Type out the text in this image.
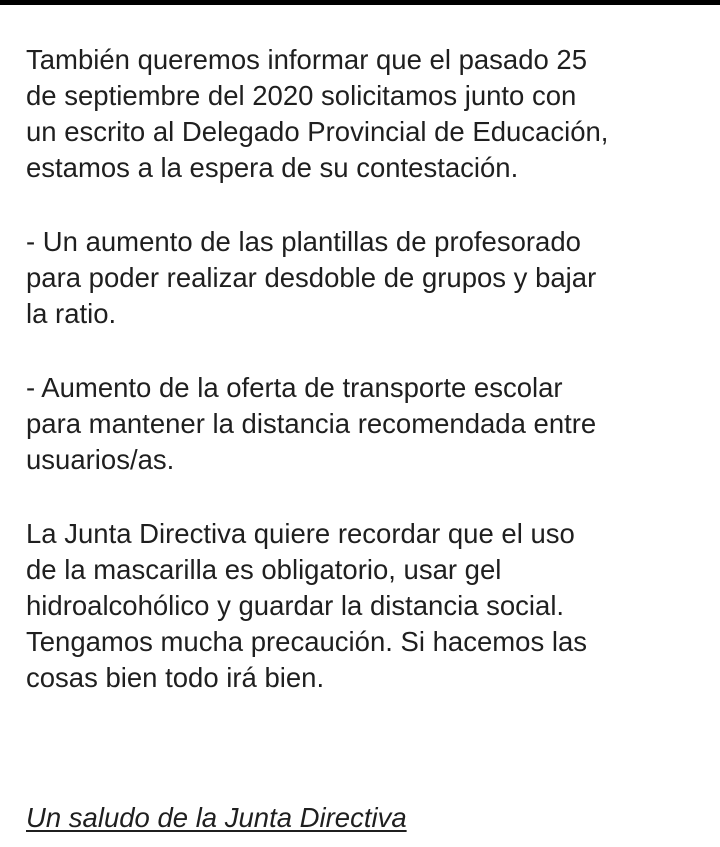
También queremos informar que el pasado 25
de septiembre del 2020 solicitamos junto con
un escrito al Delegado Provincial de Educación,
estamos a la espera de su contestación.

- Un aumento de las plantillas de profesorado
para poder realizar desdoble de grupos y bajar
la ratio.

- Aumento de la oferta de transporte escolar
para mantener la distancia recomendada entre
usuarios/as.

La Junta Directiva quiere recordar que el uso
de la mascarilla es obligatorio, usar gel
hidroalcohólico y guardar la distancia social.
Tengamos mucha precaución. Si hacemos las
cosas bien todo irá bien.

Un saludo de la Junta Directiva
